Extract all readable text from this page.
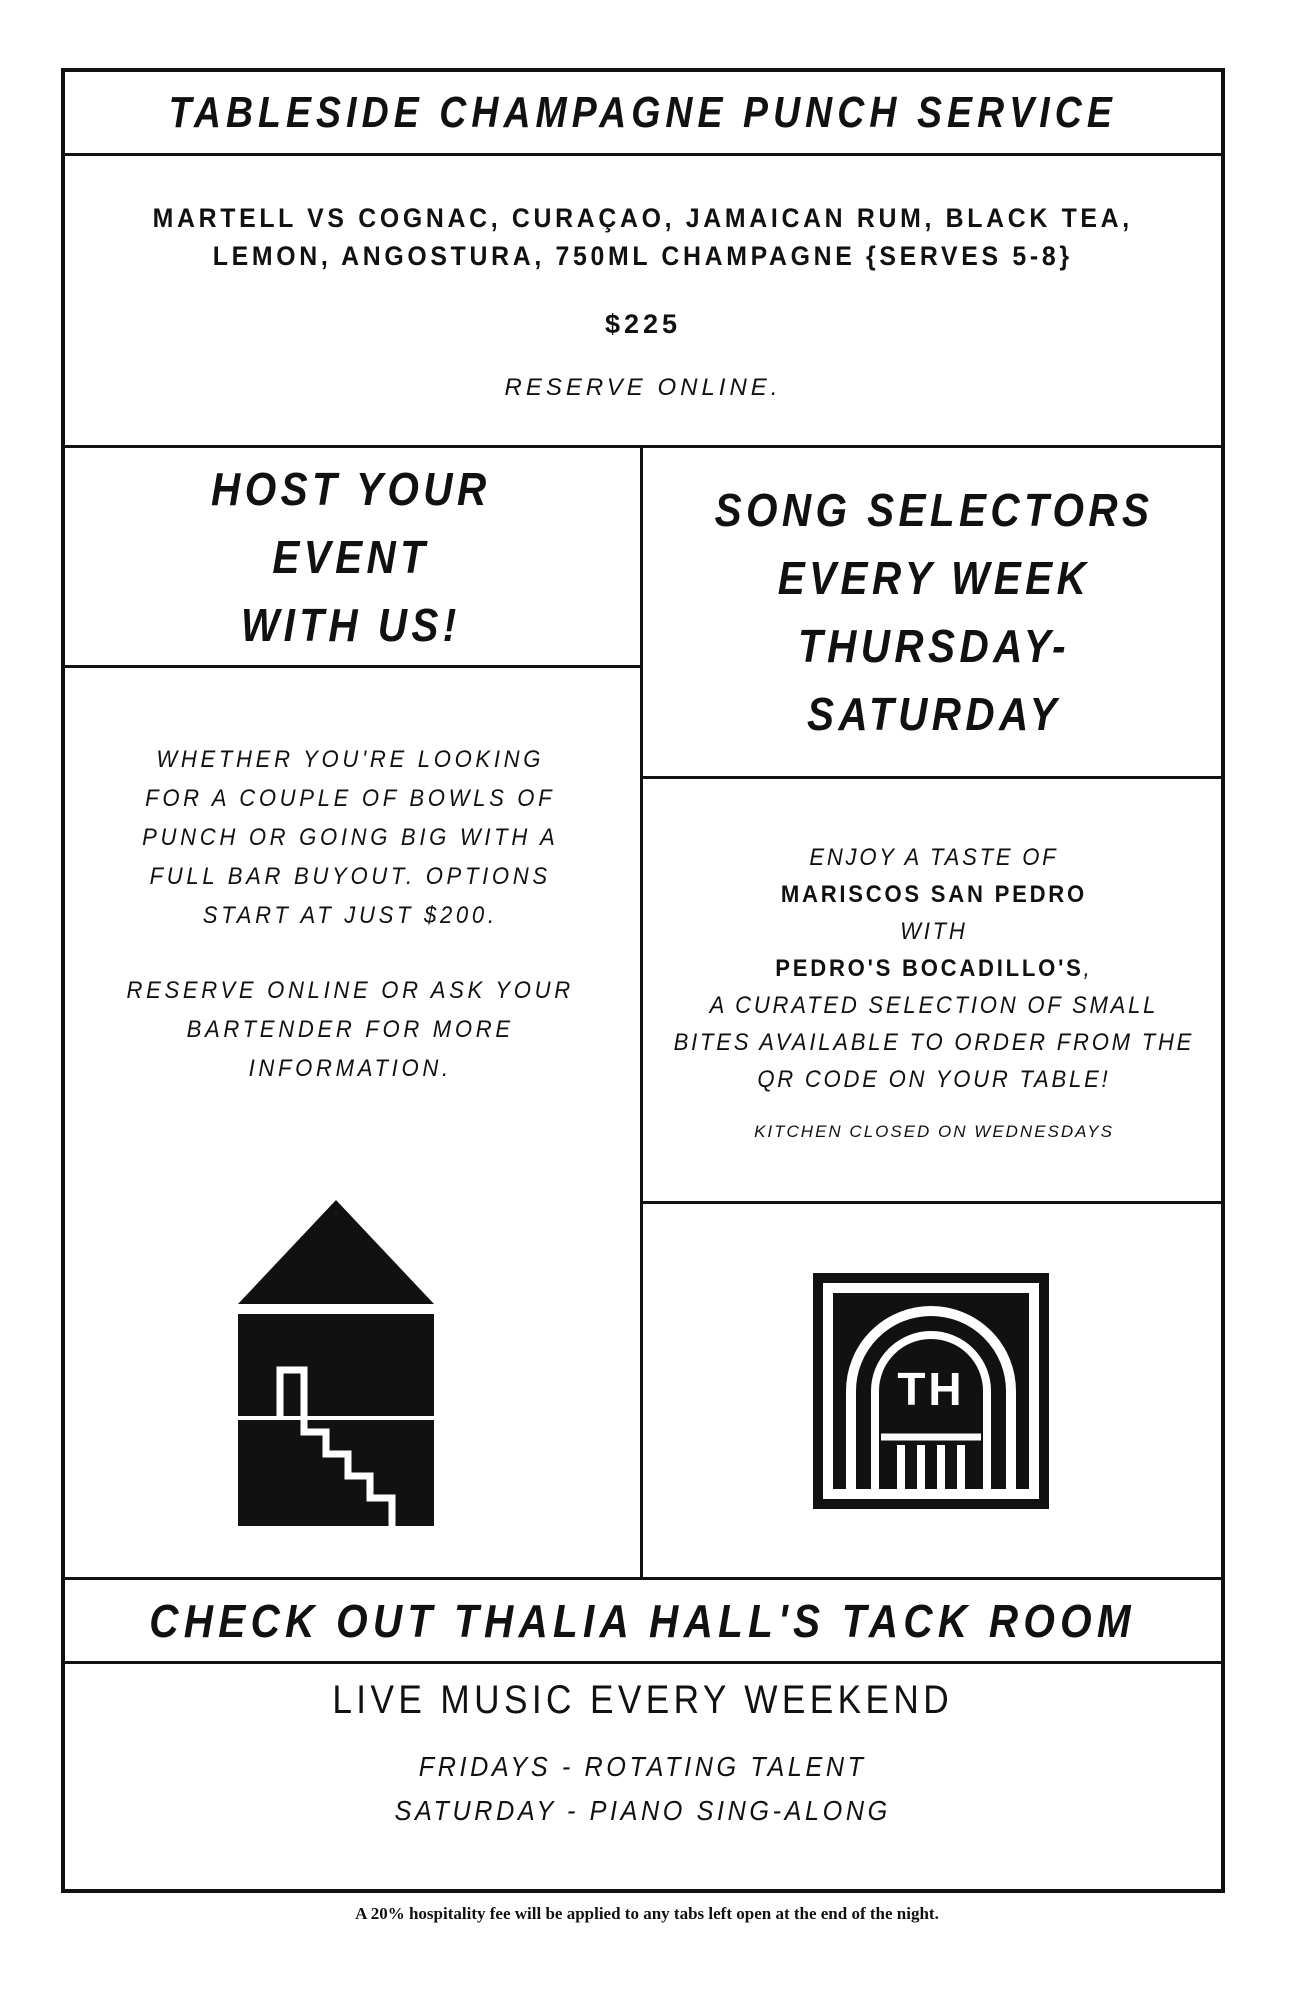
TABLESIDE CHAMPAGNE PUNCH SERVICE
MARTELL VS COGNAC, CURAÇAO, JAMAICAN RUM, BLACK TEA,
LEMON, ANGOSTURA, 750ML CHAMPAGNE {SERVES 5-8}
$225
RESERVE ONLINE.
HOST YOUR
EVENT
WITH US!
WHETHER YOU'RE LOOKING
FOR A COUPLE OF BOWLS OF
PUNCH OR GOING BIG WITH A
FULL BAR BUYOUT. OPTIONS
START AT JUST $200.
RESERVE ONLINE OR ASK YOUR
BARTENDER FOR MORE
INFORMATION.
SONG SELECTORS
EVERY WEEK
THURSDAY-SATURDAY
ENJOY A TASTE OF
MARISCOS SAN PEDRO
WITH
PEDRO'S BOCADILLO'S,
A CURATED SELECTION OF SMALL
BITES AVAILABLE TO ORDER FROM THE
QR CODE ON YOUR TABLE!
KITCHEN CLOSED ON WEDNESDAYS
TH
CHECK OUT THALIA HALL'S TACK ROOM
LIVE MUSIC EVERY WEEKEND
FRIDAYS - ROTATING TALENT
SATURDAY - PIANO SING-ALONG
A 20% hospitality fee will be applied to any tabs left open at the end of the night.
